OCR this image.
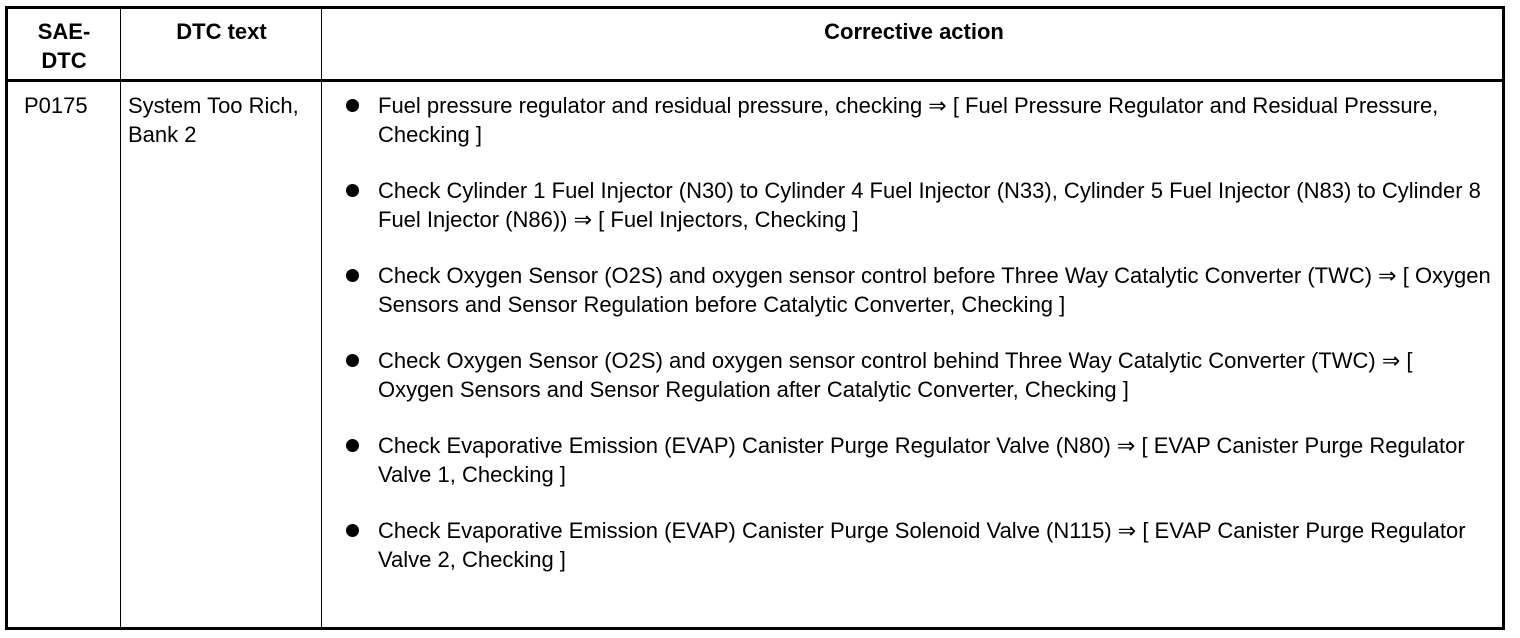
SAE-
DTC
DTC text	Corrective action
P0175 System Too Rich, Bank 2
Fuel pressure regulator and residual pressure, checking ⇒ [ Fuel Pressure Regulator and Residual Pressure, Checking ]
Check Cylinder 1 Fuel Injector (N30) to Cylinder 4 Fuel Injector (N33), Cylinder 5 Fuel Injector (N83) to Cylinder 8 Fuel Injector (N86)) ⇒ [ Fuel Injectors, Checking ]
Check Oxygen Sensor (O2S) and oxygen sensor control before Three Way Catalytic Converter (TWC) ⇒ [ Oxygen Sensors and Sensor Regulation before Catalytic Converter, Checking ]
Check Oxygen Sensor (O2S) and oxygen sensor control behind Three Way Catalytic Converter (TWC) ⇒ [ Oxygen Sensors and Sensor Regulation after Catalytic Converter, Checking ]
Check Evaporative Emission (EVAP) Canister Purge Regulator Valve (N80) ⇒ [ EVAP Canister Purge Regulator Valve 1, Checking ]
Check Evaporative Emission (EVAP) Canister Purge Solenoid Valve (N115) ⇒ [ EVAP Canister Purge Regulator Valve 2, Checking ]
